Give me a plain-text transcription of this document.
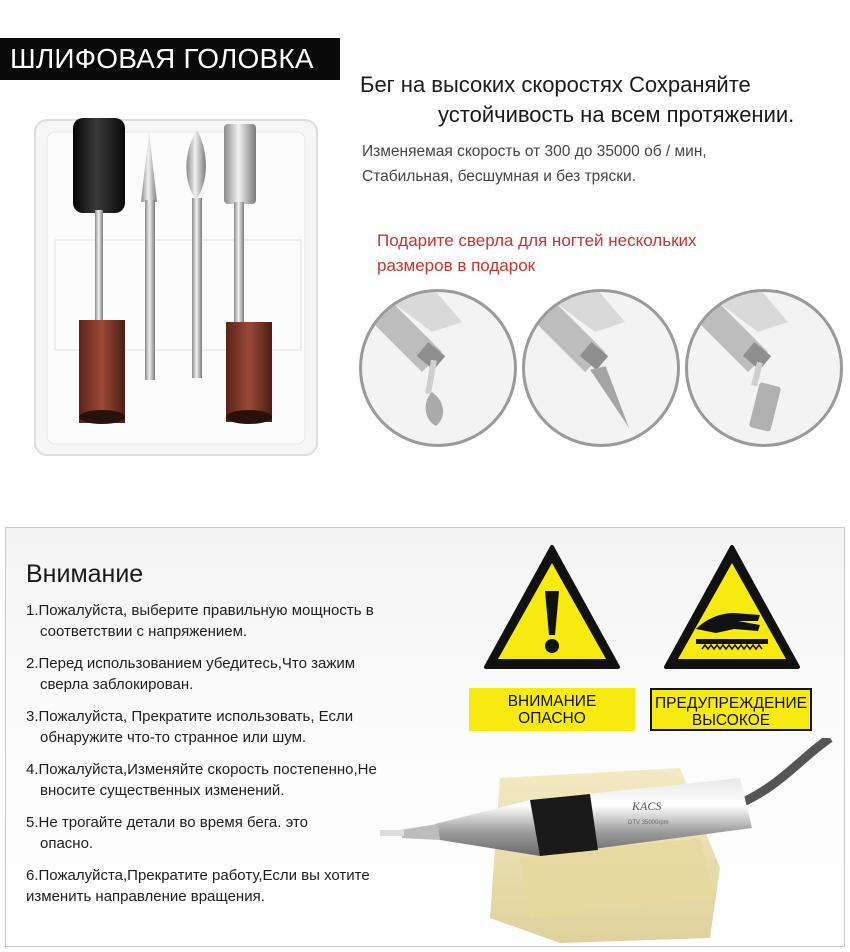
ШЛИФОВАЯ ГОЛОВКА
Бег на высоких скоростях Сохраняйте
устойчивость на всем протяжении.
Изменяемая скорость от 300 до 35000 об / мин,
Стабильная, бесшумная и без тряски.
Подарите сверла для ногтей нескольких
размеров в подарок
Внимание
1.Пожалуйста, выберите правильную мощность в
соответствии с напряжением.
2.Перед использованием убедитесь,Что зажим
сверла заблокирован.
3.Пожалуйста, Прекратите использовать, Если
обнаружите что-то странное или шум.
4.Пожалуйста,Изменяйте скорость постепенно,Не
вносите существенных изменений.
5.Не трогайте детали во время бега. это
опасно.
6.Пожалуйста,Прекратите работу,Если вы хотите
изменить направление вращения.
ВНИМАНИЕ
ОПАСНО
ПРЕДУПРЕЖДЕНИЕ
ВЫСОКОЕ
KACS
DTV 35000rpm
